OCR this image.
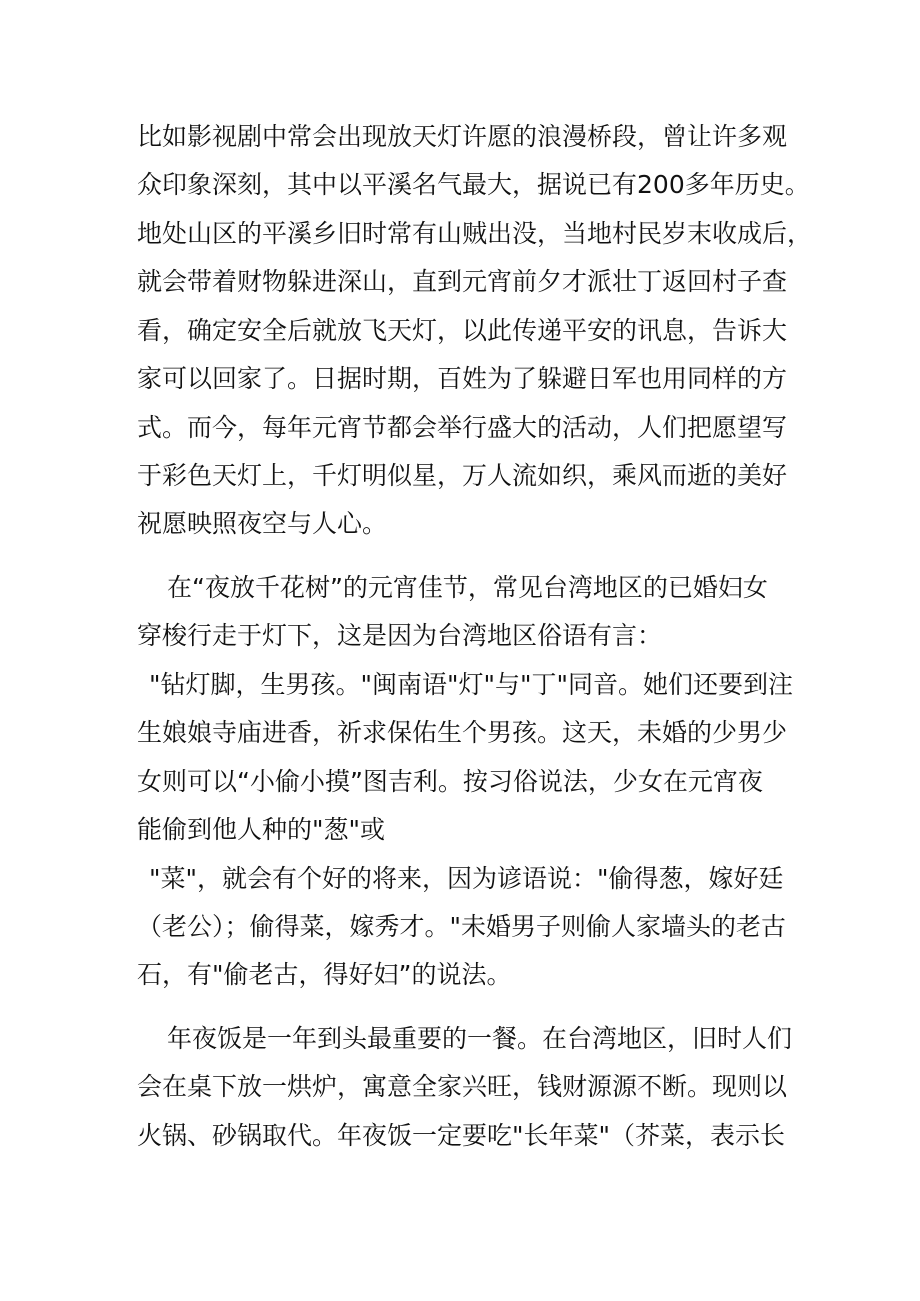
比如影视剧中常会出现放天灯许愿的浪漫桥段，曾让许多观
众印象深刻，其中以平溪名气最大，据说已有200多年历史。
地处山区的平溪乡旧时常有山贼出没，当地村民岁末收成后，
就会带着财物躲进深山，直到元宵前夕才派壮丁返回村子查
看，确定安全后就放飞天灯，以此传递平安的讯息，告诉大
家可以回家了。日据时期，百姓为了躲避日军也用同样的方
式。而今，每年元宵节都会举行盛大的活动，人们把愿望写
于彩色天灯上，千灯明似星，万人流如织，乘风而逝的美好
祝愿映照夜空与人心。
在“夜放千花树”的元宵佳节，常见台湾地区的已婚妇女
穿梭行走于灯下，这是因为台湾地区俗语有言：
"钻灯脚，生男孩。"闽南语"灯"与"丁"同音。她们还要到注
生娘娘寺庙进香，祈求保佑生个男孩。这天，未婚的少男少
女则可以“小偷小摸”图吉利。按习俗说法，少女在元宵夜
能偷到他人种的"葱"或
"菜"，就会有个好的将来，因为谚语说："偷得葱，嫁好廷
（老公）；偷得菜，嫁秀才。"未婚男子则偷人家墙头的老古
石，有"偷老古，得好妇”的说法。
年夜饭是一年到头最重要的一餐。在台湾地区，旧时人们
会在桌下放一烘炉，寓意全家兴旺，钱财源源不断。现则以
火锅、砂锅取代。年夜饭一定要吃"长年菜"（芥菜，表示长
